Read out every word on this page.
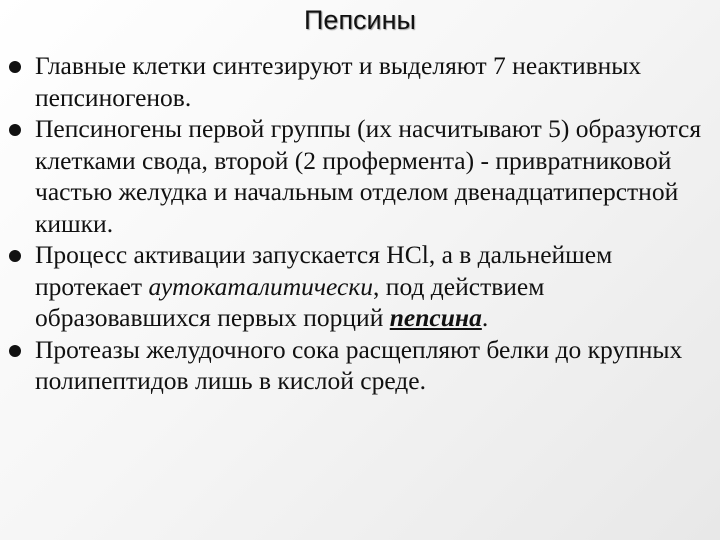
Пепсины
Главные клетки синтезируют и выделяют 7 неактивных пепсиногенов.
Пепсиногены первой группы (их насчитывают 5) образуются клетками свода, второй (2 профермента) - привратниковой частью желудка и начальным отделом двенадцатиперстной кишки.
Процесс активации запускается HCl, а в дальнейшем протекает аутокаталитически, под действием образовавшихся первых порций пепсина.
Протеазы желудочного сока расщепляют белки до крупных полипептидов лишь в кислой среде.
